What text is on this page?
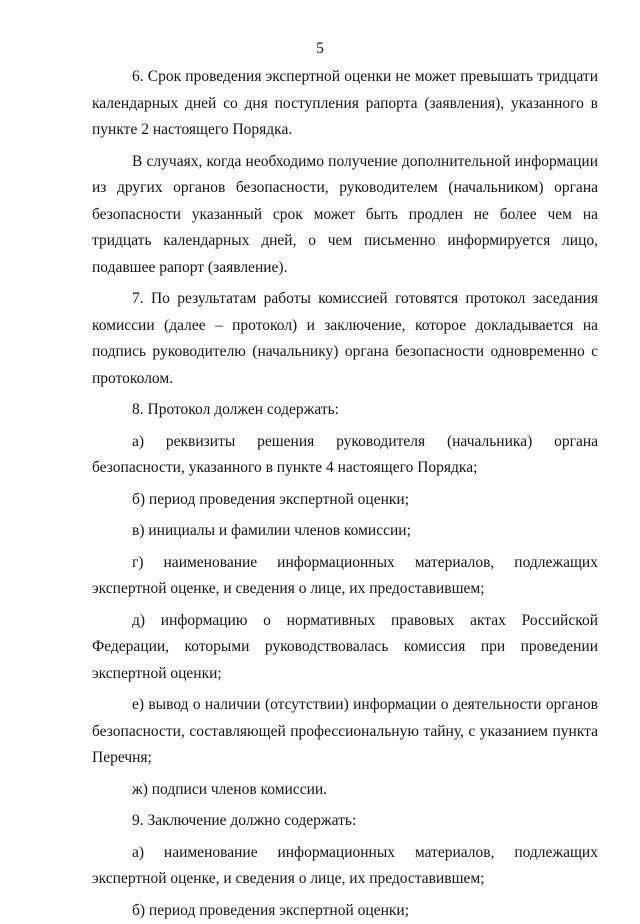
5

6. Срок проведения экспертной оценки не может превышать тридцати календарных дней со дня поступления рапорта (заявления), указанного в пункте 2 настоящего Порядка.

В случаях, когда необходимо получение дополнительной информации из других органов безопасности, руководителем (начальником) органа безопасности указанный срок может быть продлен не более чем на тридцать календарных дней, о чем письменно информируется лицо, подавшее рапорт (заявление).

7. По результатам работы комиссией готовятся протокол заседания комиссии (далее – протокол) и заключение, которое докладывается на подпись руководителю (начальнику) органа безопасности одновременно с протоколом.

8. Протокол должен содержать:

а) реквизиты решения руководителя (начальника) органа безопасности, указанного в пункте 4 настоящего Порядка;

б) период проведения экспертной оценки;

в) инициалы и фамилии членов комиссии;

г) наименование информационных материалов, подлежащих

экспертной оценке, и сведения о лице, их предоставившем;

д) информацию о нормативных правовых актах Российской Федерации, которыми руководствовалась комиссия при проведении экспертной оценки;

е) вывод о наличии (отсутствии) информации о деятельности органов безопасности, составляющей профессиональную тайну, с указанием пункта Перечня;

ж) подписи членов комиссии.

9. Заключение должно содержать:

а) наименование информационных материалов, подлежащих

экспертной оценке, и сведения о лице, их предоставившем;

б) период проведения экспертной оценки;
